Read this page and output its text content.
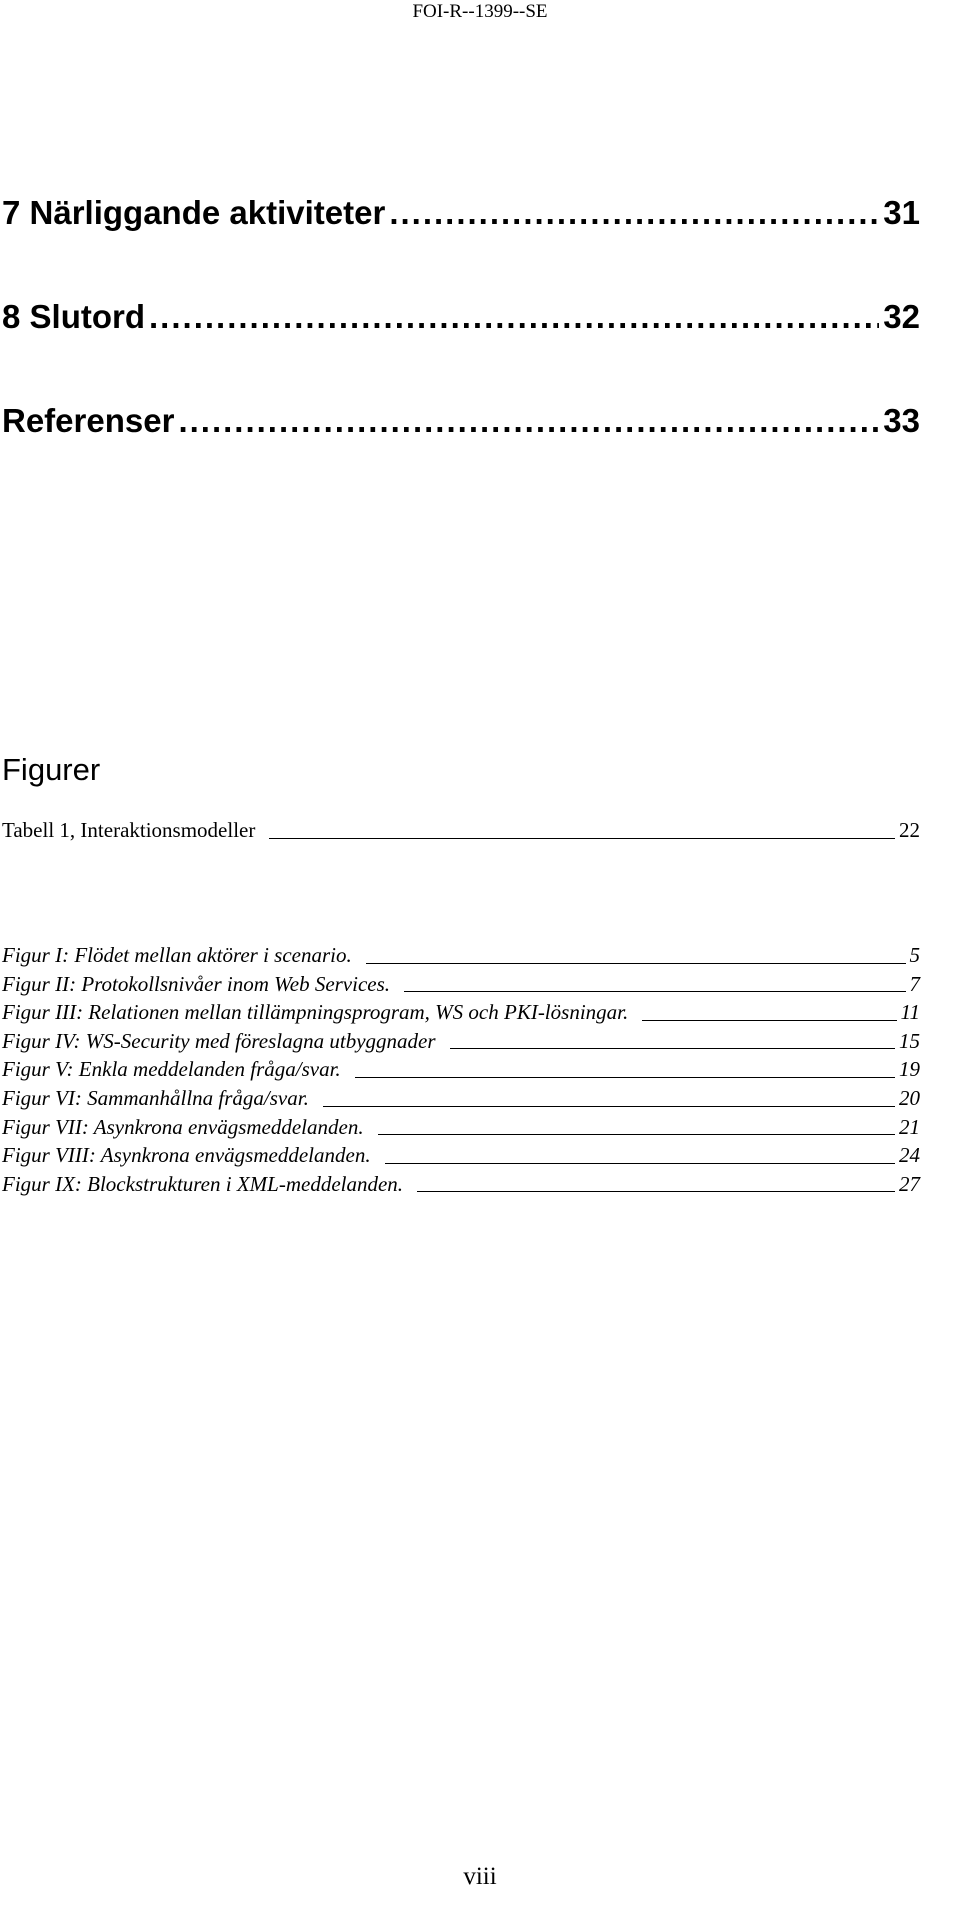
FOI-R--1399--SE
7 Närliggande aktiviteter .....	31
8 Slutord .....	32
Referenser .....	33
Figurer
Tabell 1, Interaktionsmodeller	22
Figur I: Flödet mellan aktörer i scenario.	5
Figur II: Protokollsnivåer inom Web Services.	7
Figur III: Relationen mellan tillämpningsprogram, WS och PKI-lösningar.	11
Figur IV: WS-Security med föreslagna utbyggnader	15
Figur V: Enkla meddelanden fråga/svar.	19
Figur VI: Sammanhållna fråga/svar.	20
Figur VII: Asynkrona envägsmeddelanden.	21
Figur VIII: Asynkrona envägsmeddelanden.	24
Figur IX: Blockstrukturen i XML-meddelanden.	27
viii
